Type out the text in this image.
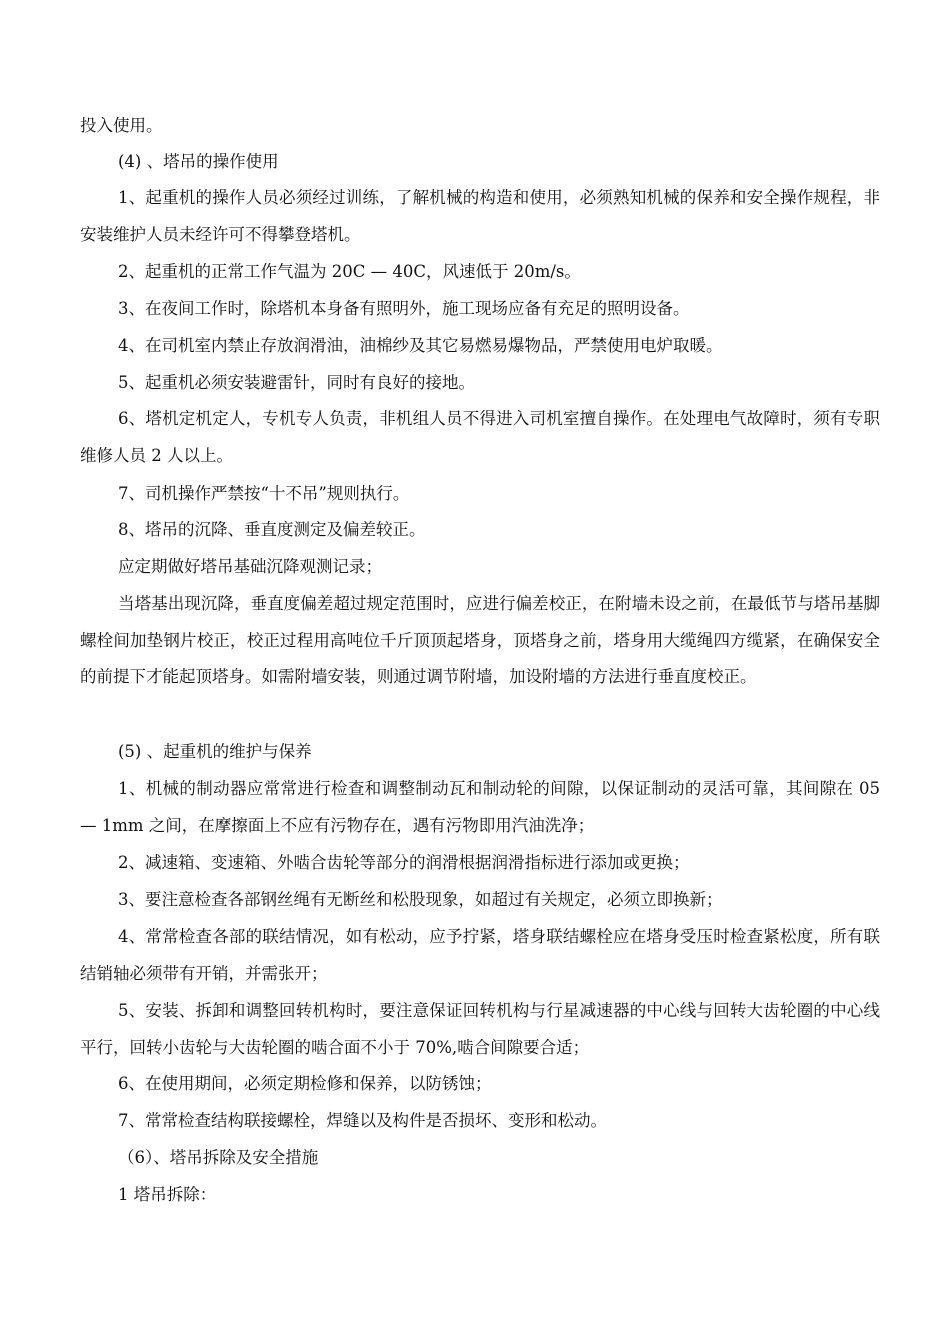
投入使用。

(4) 、塔吊的操作使用

1、起重机的操作人员必须经过训练，了解机械的构造和使用，必须熟知机械的保养和安全操作规程，非安装维护人员未经许可不得攀登塔机。

2、起重机的正常工作气温为 20C — 40C，风速低于 20m/s。

3、在夜间工作时，除塔机本身备有照明外，施工现场应备有充足的照明设备。

4、在司机室内禁止存放润滑油，油棉纱及其它易燃易爆物品，严禁使用电炉取暖。

5、起重机必须安装避雷针，同时有良好的接地。

6、塔机定机定人，专机专人负责，非机组人员不得进入司机室擅自操作。在处理电气故障时，须有专职维修人员 2 人以上。

7、司机操作严禁按“十不吊”规则执行。

8、塔吊的沉降、垂直度测定及偏差较正。

应定期做好塔吊基础沉降观测记录；

当塔基出现沉降，垂直度偏差超过规定范围时，应进行偏差校正，在附墙未设之前，在最低节与塔吊基脚螺栓间加垫钢片校正，校正过程用高吨位千斤顶顶起塔身，顶塔身之前，塔身用大缆绳四方缆紧，在确保安全的前提下才能起顶塔身。如需附墙安装，则通过调节附墙，加设附墙的方法进行垂直度校正。

(5) 、起重机的维护与保养

1、机械的制动器应常常进行检查和调整制动瓦和制动轮的间隙，以保证制动的灵活可靠，其间隙在 05 — 1mm 之间，在摩擦面上不应有污物存在，遇有污物即用汽油洗净；

2、减速箱、变速箱、外啮合齿轮等部分的润滑根据润滑指标进行添加或更换；

3、要注意检查各部钢丝绳有无断丝和松股现象，如超过有关规定，必须立即换新；

4、常常检查各部的联结情况，如有松动，应予拧紧，塔身联结螺栓应在塔身受压时检查紧松度，所有联结销轴必须带有开销，并需张开；

5、安装、拆卸和调整回转机构时，要注意保证回转机构与行星减速器的中心线与回转大齿轮圈的中心线平行，回转小齿轮与大齿轮圈的啮合面不小于 70%,啮合间隙要合适；

6、在使用期间，必须定期检修和保养，以防锈蚀；

7、常常检查结构联接螺栓，焊缝以及构件是否损坏、变形和松动。

（6）、塔吊拆除及安全措施

1 塔吊拆除：
